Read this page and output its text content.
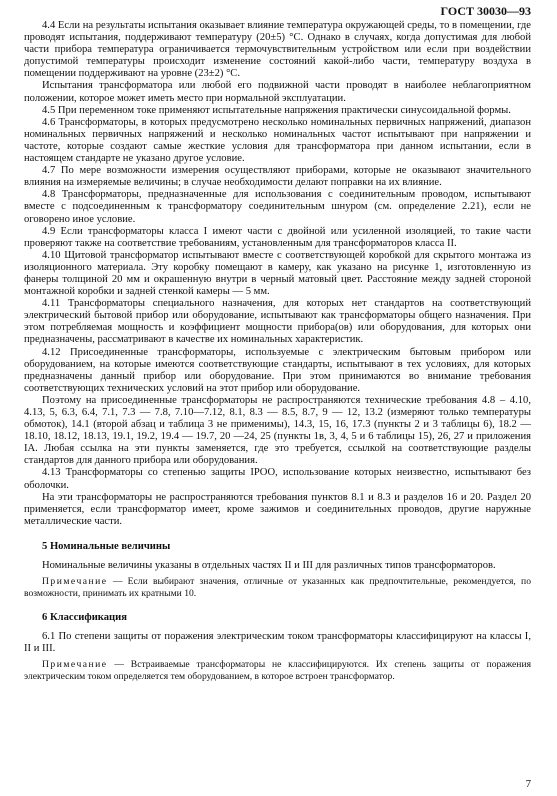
ГОСТ 30030—93

4.4 Если на результаты испытания оказывает влияние температура окружающей среды, то в помещении, где проводят испытания, поддерживают температуру (20±5) °С. Однако в случаях, когда допустимая для любой части прибора температура ограничивается термочувствительным устройством или если при воздействии допустимой температуры происходит изменение состояний какой-либо части, температуру воздуха в помещении поддерживают на уровне (23±2) °С.

Испытания трансформатора или любой его подвижной части проводят в наиболее неблагоприятном положении, которое может иметь место при нормальной эксплуатации.

4.5 При переменном токе применяют испытательные напряжения практически синусоидальной формы.

4.6 Трансформаторы, в которых предусмотрено несколько номинальных первичных напряжений, диапазон номинальных первичных напряжений и несколько номинальных частот испытывают при напряжении и частоте, которые создают самые жесткие условия для трансформатора при данном испытании, если в настоящем стандарте не указано другое условие.

4.7 По мере возможности измерения осуществляют приборами, которые не оказывают значительного влияния на измеряемые величины; в случае необходимости делают поправки на их влияние.

4.8 Трансформаторы, предназначенные для использования с соединительным проводом, испытывают вместе с подсоединенным к трансформатору соединительным шнуром (см. определение 2.21), если не оговорено иное условие.

4.9 Если трансформаторы класса I имеют части с двойной или усиленной изоляцией, то такие части проверяют также на соответствие требованиям, установленным для трансформаторов класса II.

4.10 Щитовой трансформатор испытывают вместе с соответствующей коробкой для скрытого монтажа из изоляционного материала. Эту коробку помещают в камеру, как указано на рисунке 1, изготовленную из фанеры толщиной 20 мм и окрашенную внутри в черный матовый цвет. Расстояние между задней стороной монтажной коробки и задней стенкой камеры — 5 мм.

4.11 Трансформаторы специального назначения, для которых нет стандартов на соответствующий электрический бытовой прибор или оборудование, испытывают как трансформаторы общего назначения. При этом потребляемая мощность и коэффициент мощности прибора(ов) или оборудования, для которых они предназначены, рассматривают в качестве их номинальных характеристик.

4.12 Присоединенные трансформаторы, используемые с электрическим бытовым прибором или оборудованием, на которые имеются соответствующие стандарты, испытывают в тех условиях, для которых предназначены данный прибор или оборудование. При этом принимаются во внимание требования соответствующих технических условий на этот прибор или оборудование.

Поэтому на присоединенные трансформаторы не распространяются технические требования 4.8 – 4.10, 4.13, 5, 6.3, 6.4, 7.1, 7.3 — 7.8, 7.10—7.12, 8.1, 8.3 — 8.5, 8.7, 9 — 12, 13.2 (измеряют только температуры обмоток), 14.1 (второй абзац и таблица 3 не применимы), 14.3, 15, 16, 17.3 (пункты 2 и 3 таблицы 6), 18.2 — 18.10, 18.12, 18.13, 19.1, 19.2, 19.4 — 19.7, 20 —24, 25 (пункты 1в, 3, 4, 5 и 6 таблицы 15), 26, 27 и приложения IA. Любая ссылка на эти пункты заменяется, где это требуется, ссылкой на соответствующие разделы стандартов для данного прибора или оборудования.

4.13 Трансформаторы со степенью защиты IPOO, использование которых неизвестно, испытывают без оболочки.

На эти трансформаторы не распространяются требования пунктов 8.1 и 8.3 и разделов 16 и 20. Раздел 20 применяется, если трансформатор имеет, кроме зажимов и соединительных проводов, другие наружные металлические части.

5 Номинальные величины

Номинальные величины указаны в отдельных частях II и III для различных типов трансформаторов.

Примечание — Если выбирают значения, отличные от указанных как предпочтительные, рекомендуется, по возможности, принимать их кратными 10.

6 Классификация

6.1 По степени защиты от поражения электрическим током трансформаторы классифицируют на классы I, II и III.

Примечание — Встраиваемые трансформаторы не классифицируются. Их степень защиты от поражения электрическим током определяется тем оборудованием, в которое встроен трансформатор.

7
